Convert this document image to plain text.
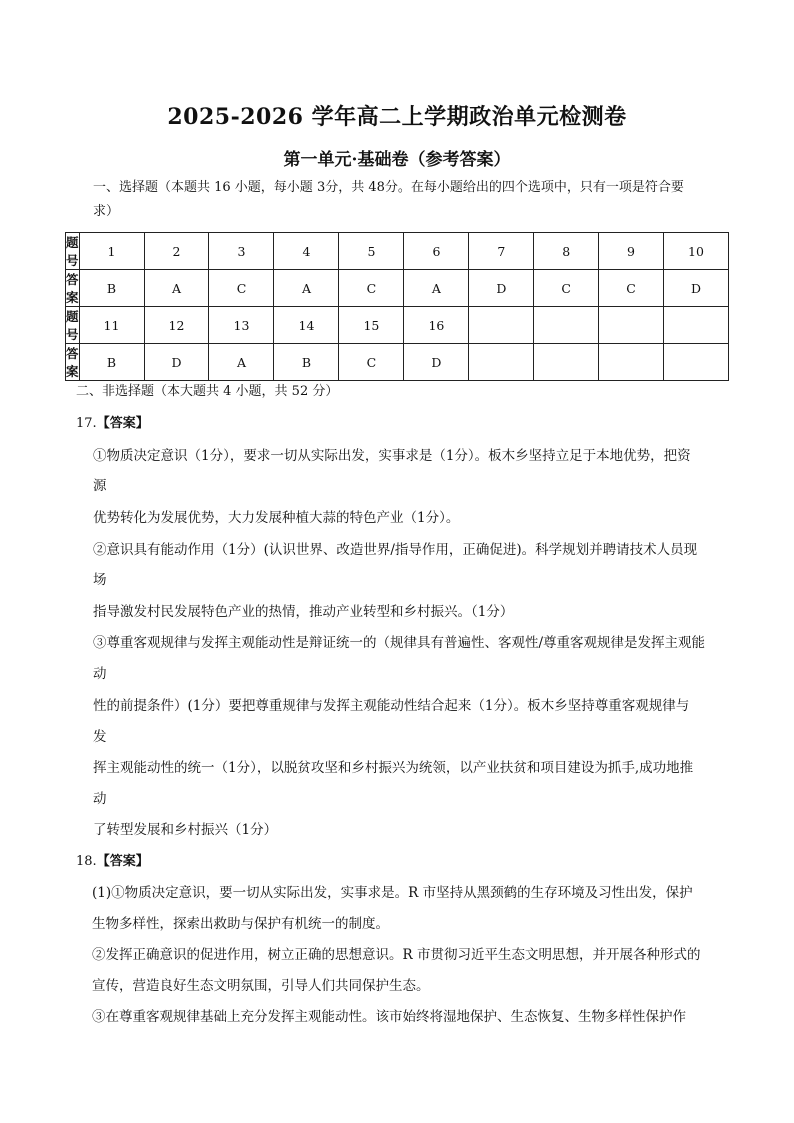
2025-2026 学年高二上学期政治单元检测卷
第一单元·基础卷（参考答案）
一、选择题（本题共 16 小题，每小题 3分，共 48分。在每小题给出的四个选项中，只有一项是符合要
求）
题号	1	2	3	4	5	6	7	8	9	10
答案	B	A	C	A	C	A	D	C	C	D
题号	11	12	13	14	15	16				
答案	B	D	A	B	C	D				
二、非选择题（本大题共 4 小题，共 52 分）
17.【答案】
①物质决定意识（1分），要求一切从实际出发，实事求是（1分）。板木乡坚持立足于本地优势，把资
源
优势转化为发展优势，大力发展种植大蒜的特色产业（1分）。
②意识具有能动作用（1分）(认识世界、改造世界/指导作用，正确促进)。科学规划并聘请技术人员现
场
指导激发村民发展特色产业的热情，推动产业转型和乡村振兴。（1分）
③尊重客观规律与发挥主观能动性是辩证统一的（规律具有普遍性、客观性/尊重客观规律是发挥主观能
动
性的前提条件）(1分）要把尊重规律与发挥主观能动性结合起来（1分）。板木乡坚持尊重客观规律与
发
挥主观能动性的统一（1分），以脱贫攻坚和乡村振兴为统领，以产业扶贫和项目建设为抓手,成功地推
动
了转型发展和乡村振兴（1分）
18.【答案】
(1)①物质决定意识，要一切从实际出发，实事求是。R 市坚持从黑颈鹤的生存环境及习性出发，保护
生物多样性，探索出救助与保护有机统一的制度。
②发挥正确意识的促进作用，树立正确的思想意识。R 市贯彻习近平生态文明思想，并开展各种形式的
宣传，营造良好生态文明氛围，引导人们共同保护生态。
③在尊重客观规律基础上充分发挥主观能动性。该市始终将湿地保护、生态恢复、生物多样性保护作
